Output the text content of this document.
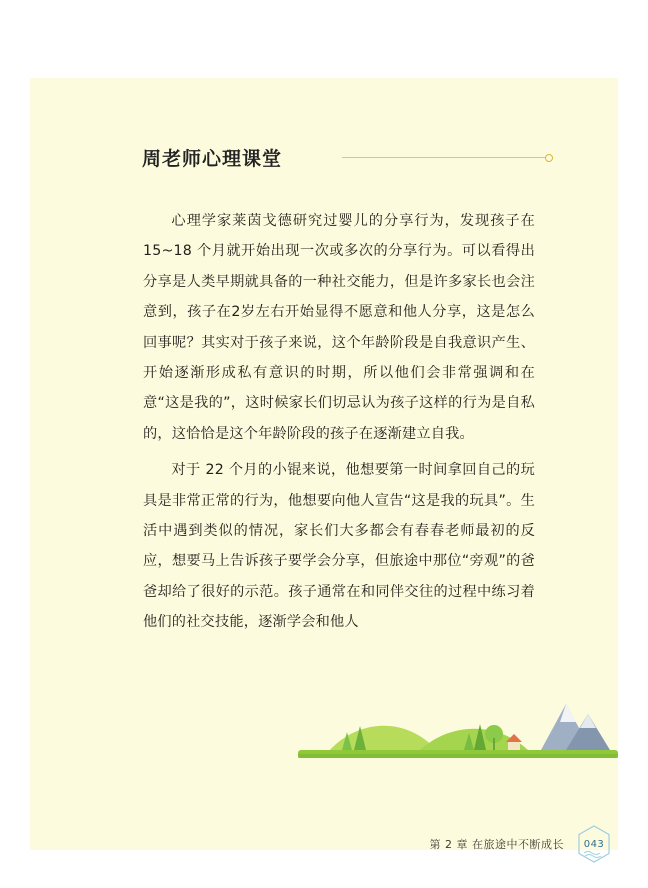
周老师心理课堂

心理学家莱茵戈德研究过婴儿的分享行为，发现孩子在 15~18 个月就开始出现一次或多次的分享行为。可以看得出分享是人类早期就具备的一种社交能力，但是许多家长也会注意到，孩子在2岁左右开始显得不愿意和他人分享，这是怎么回事呢？其实对于孩子来说，这个年龄阶段是自我意识产生、开始逐渐形成私有意识的时期，所以他们会非常强调和在意“这是我的”，这时候家长们切忌认为孩子这样的行为是自私的，这恰恰是这个年龄阶段的孩子在逐渐建立自我。

对于 22 个月的小锟来说，他想要第一时间拿回自己的玩具是非常正常的行为，他想要向他人宣告“这是我的玩具”。生活中遇到类似的情况，家长们大多都会有春春老师最初的反应，想要马上告诉孩子要学会分享，但旅途中那位“旁观”的爸爸却给了很好的示范。孩子通常在和同伴交往的过程中练习着他们的社交技能，逐渐学会和他人

第 2 章 在旅途中不断成长 043
